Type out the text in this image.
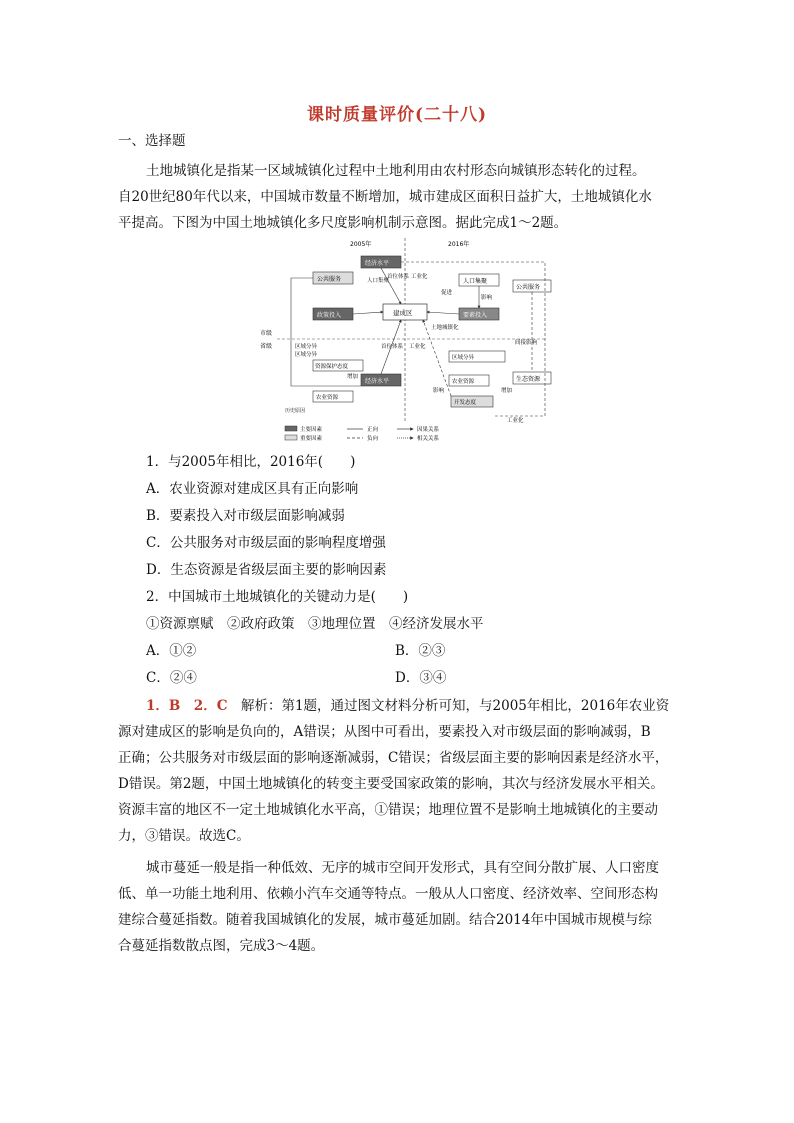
课时质量评价(二十八)
一、选择题
土地城镇化是指某一区域城镇化过程中土地利用由农村形态向城镇形态转化的过程。
自20世纪80年代以来，中国城市数量不断增加，城市建成区面积日益扩大，土地城镇化水
平提高。下图为中国土地城镇化多尺度影响机制示意图。据此完成1～2题。
2005年	2016年
市级
省级
经济水平
政策投入	要素投入
经济水平
建成区
公共服务	人口集聚
公共服务
资源保护态度
区域分异
农业资源
开发态度
生态资源
农业资源
人口集聚
首位体系 工业化
促进
影响
土地城镇化
区域分异	首位体系 工业化
增加
影响	增加
工业化
间接影响
区域分异
历史原因
主要因素
重要因素
正向
负向
因果关系
相关关系
1．与2005年相比，2016年(　　)
A．农业资源对建成区具有正向影响
B．要素投入对市级层面影响减弱
C．公共服务对市级层面的影响程度增强
D．生态资源是省级层面主要的影响因素
2．中国城市土地城镇化的关键动力是(　　)
①资源禀赋　②政府政策　③地理位置　④经济发展水平
A．①②	B．②③
C．②④	D．③④
1．B　2．C　解析：第1题，通过图文材料分析可知，与2005年相比，2016年农业资
源对建成区的影响是负向的，A错误；从图中可看出，要素投入对市级层面的影响减弱，B
正确；公共服务对市级层面的影响逐渐减弱，C错误；省级层面主要的影响因素是经济水平，
D错误。第2题，中国土地城镇化的转变主要受国家政策的影响，其次与经济发展水平相关。
资源丰富的地区不一定土地城镇化水平高，①错误；地理位置不是影响土地城镇化的主要动
力，③错误。故选C。
城市蔓延一般是指一种低效、无序的城市空间开发形式，具有空间分散扩展、人口密度
低、单一功能土地利用、依赖小汽车交通等特点。一般从人口密度、经济效率、空间形态构
建综合蔓延指数。随着我国城镇化的发展，城市蔓延加剧。结合2014年中国城市规模与综
合蔓延指数散点图，完成3～4题。
